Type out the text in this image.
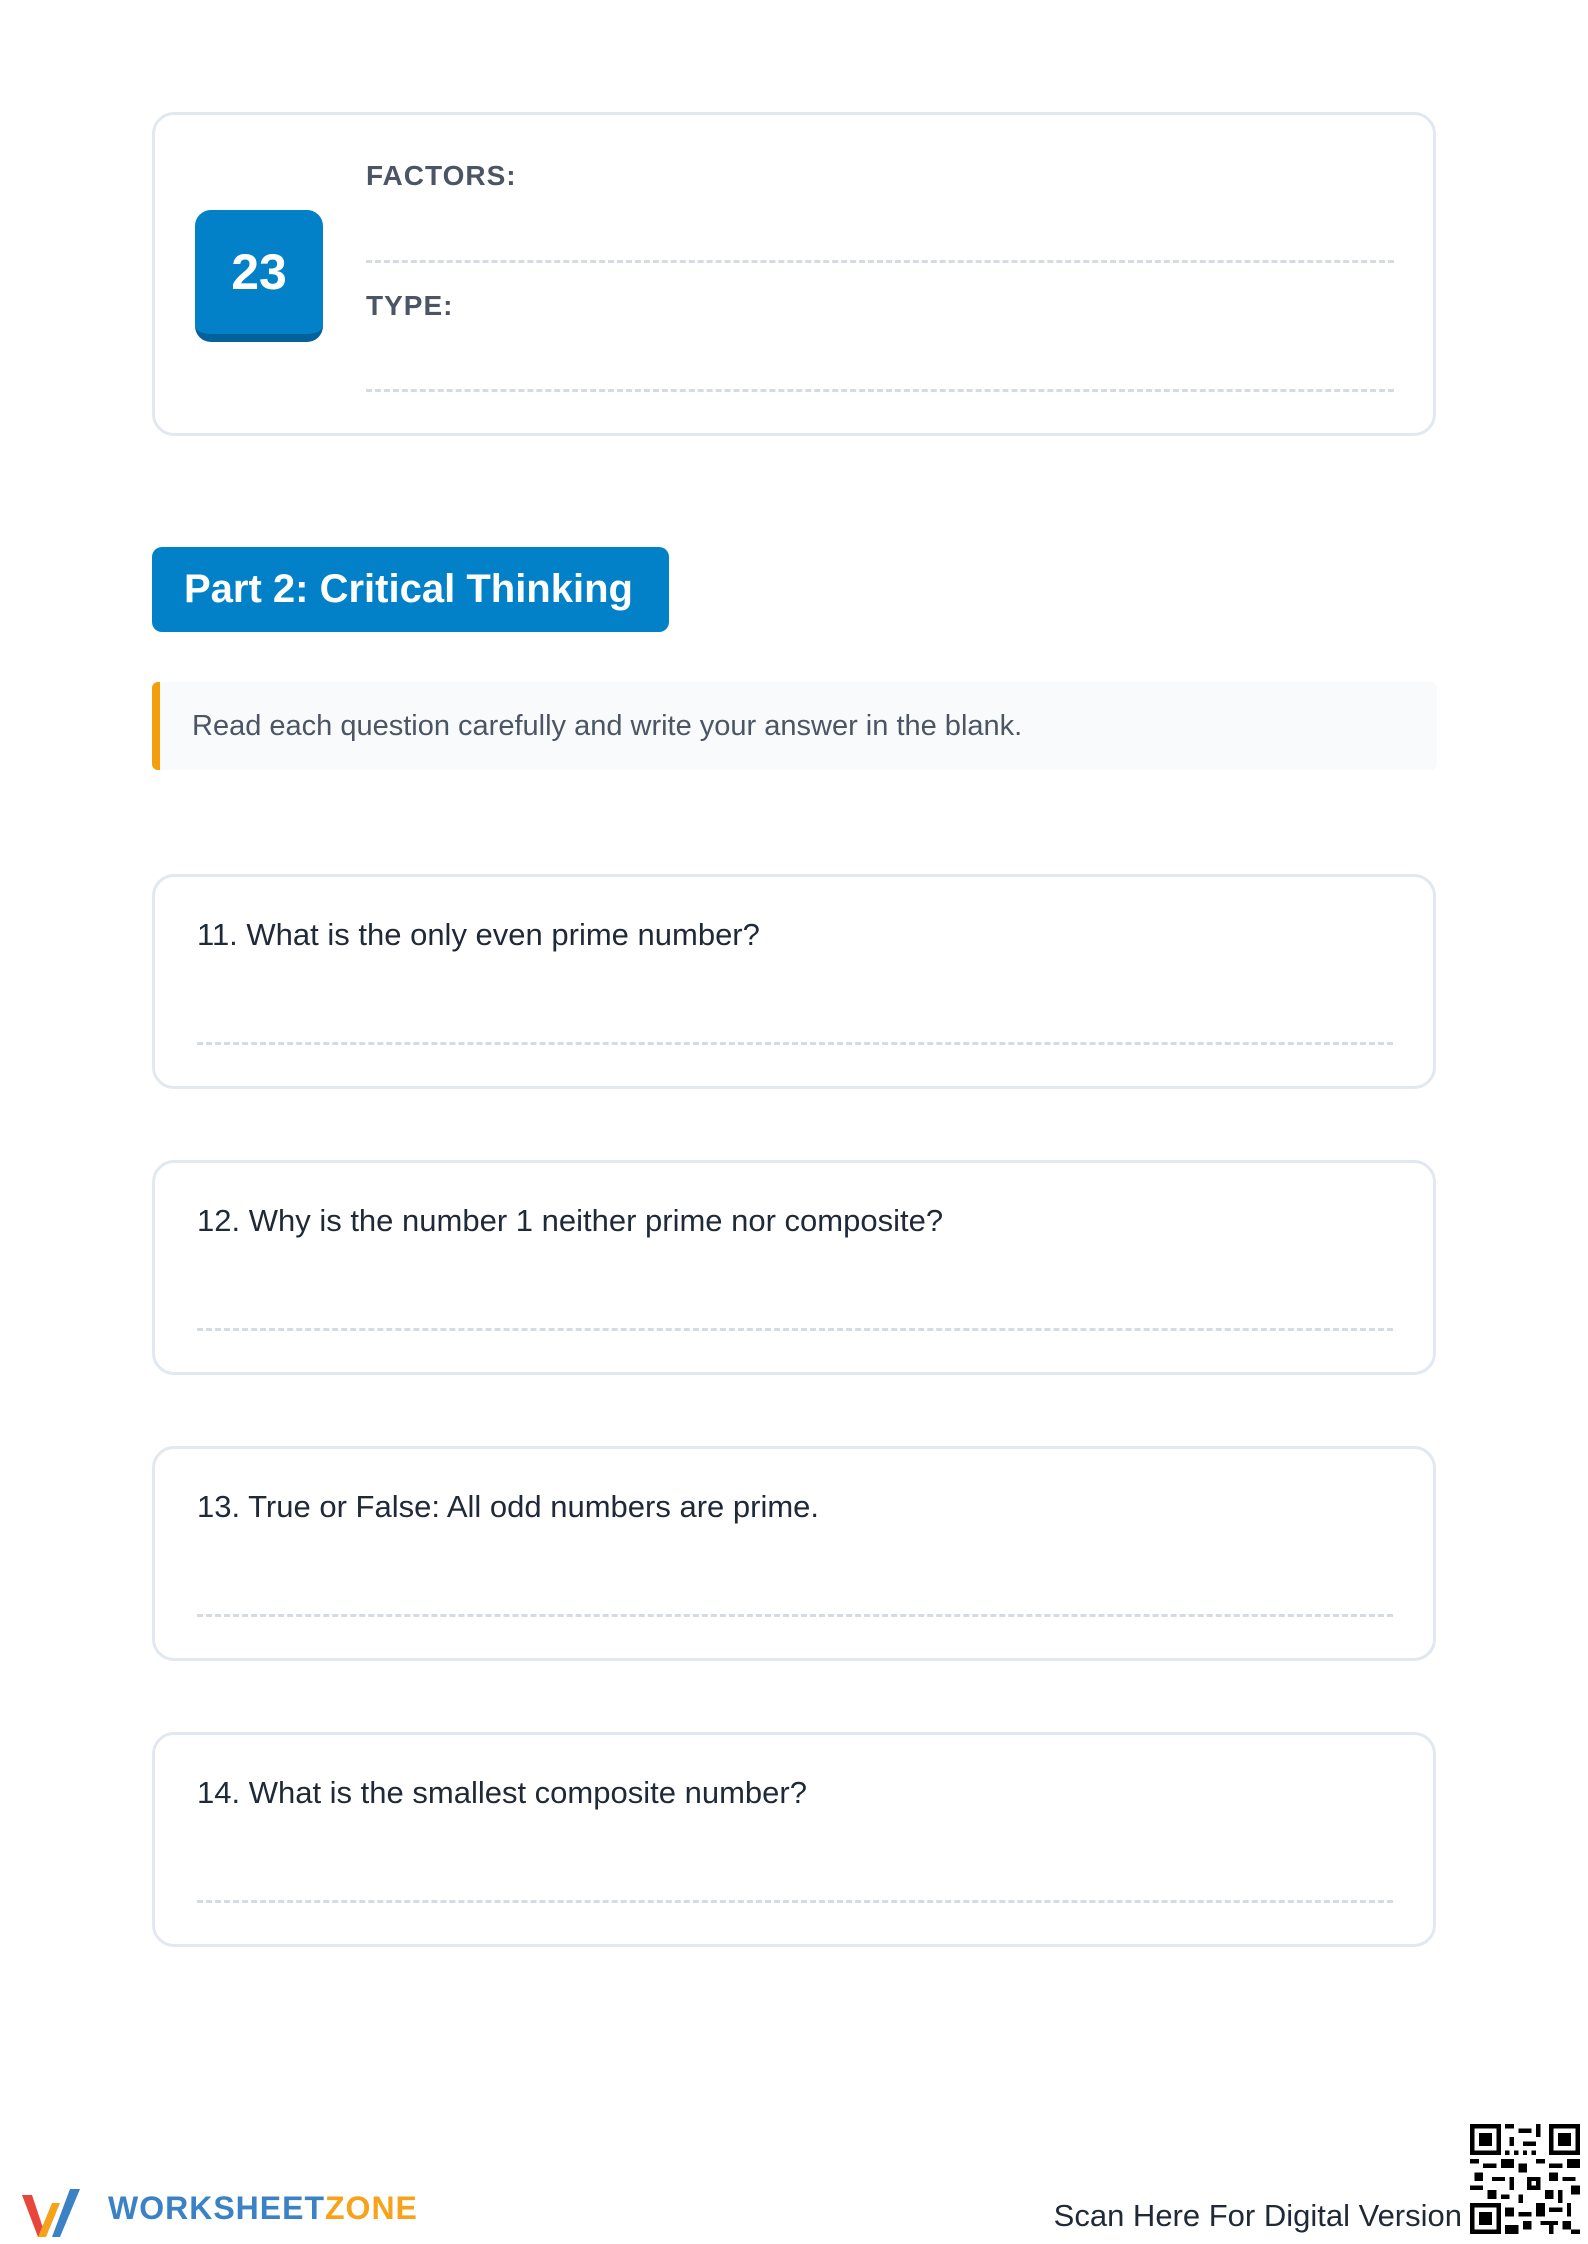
23
FACTORS:
TYPE:
Part 2: Critical Thinking
Read each question carefully and write your answer in the blank.
11. What is the only even prime number?
12. Why is the number 1 neither prime nor composite?
13. True or False: All odd numbers are prime.
14. What is the smallest composite number?
WORKSHEET ZONE	Scan Here For Digital Version
